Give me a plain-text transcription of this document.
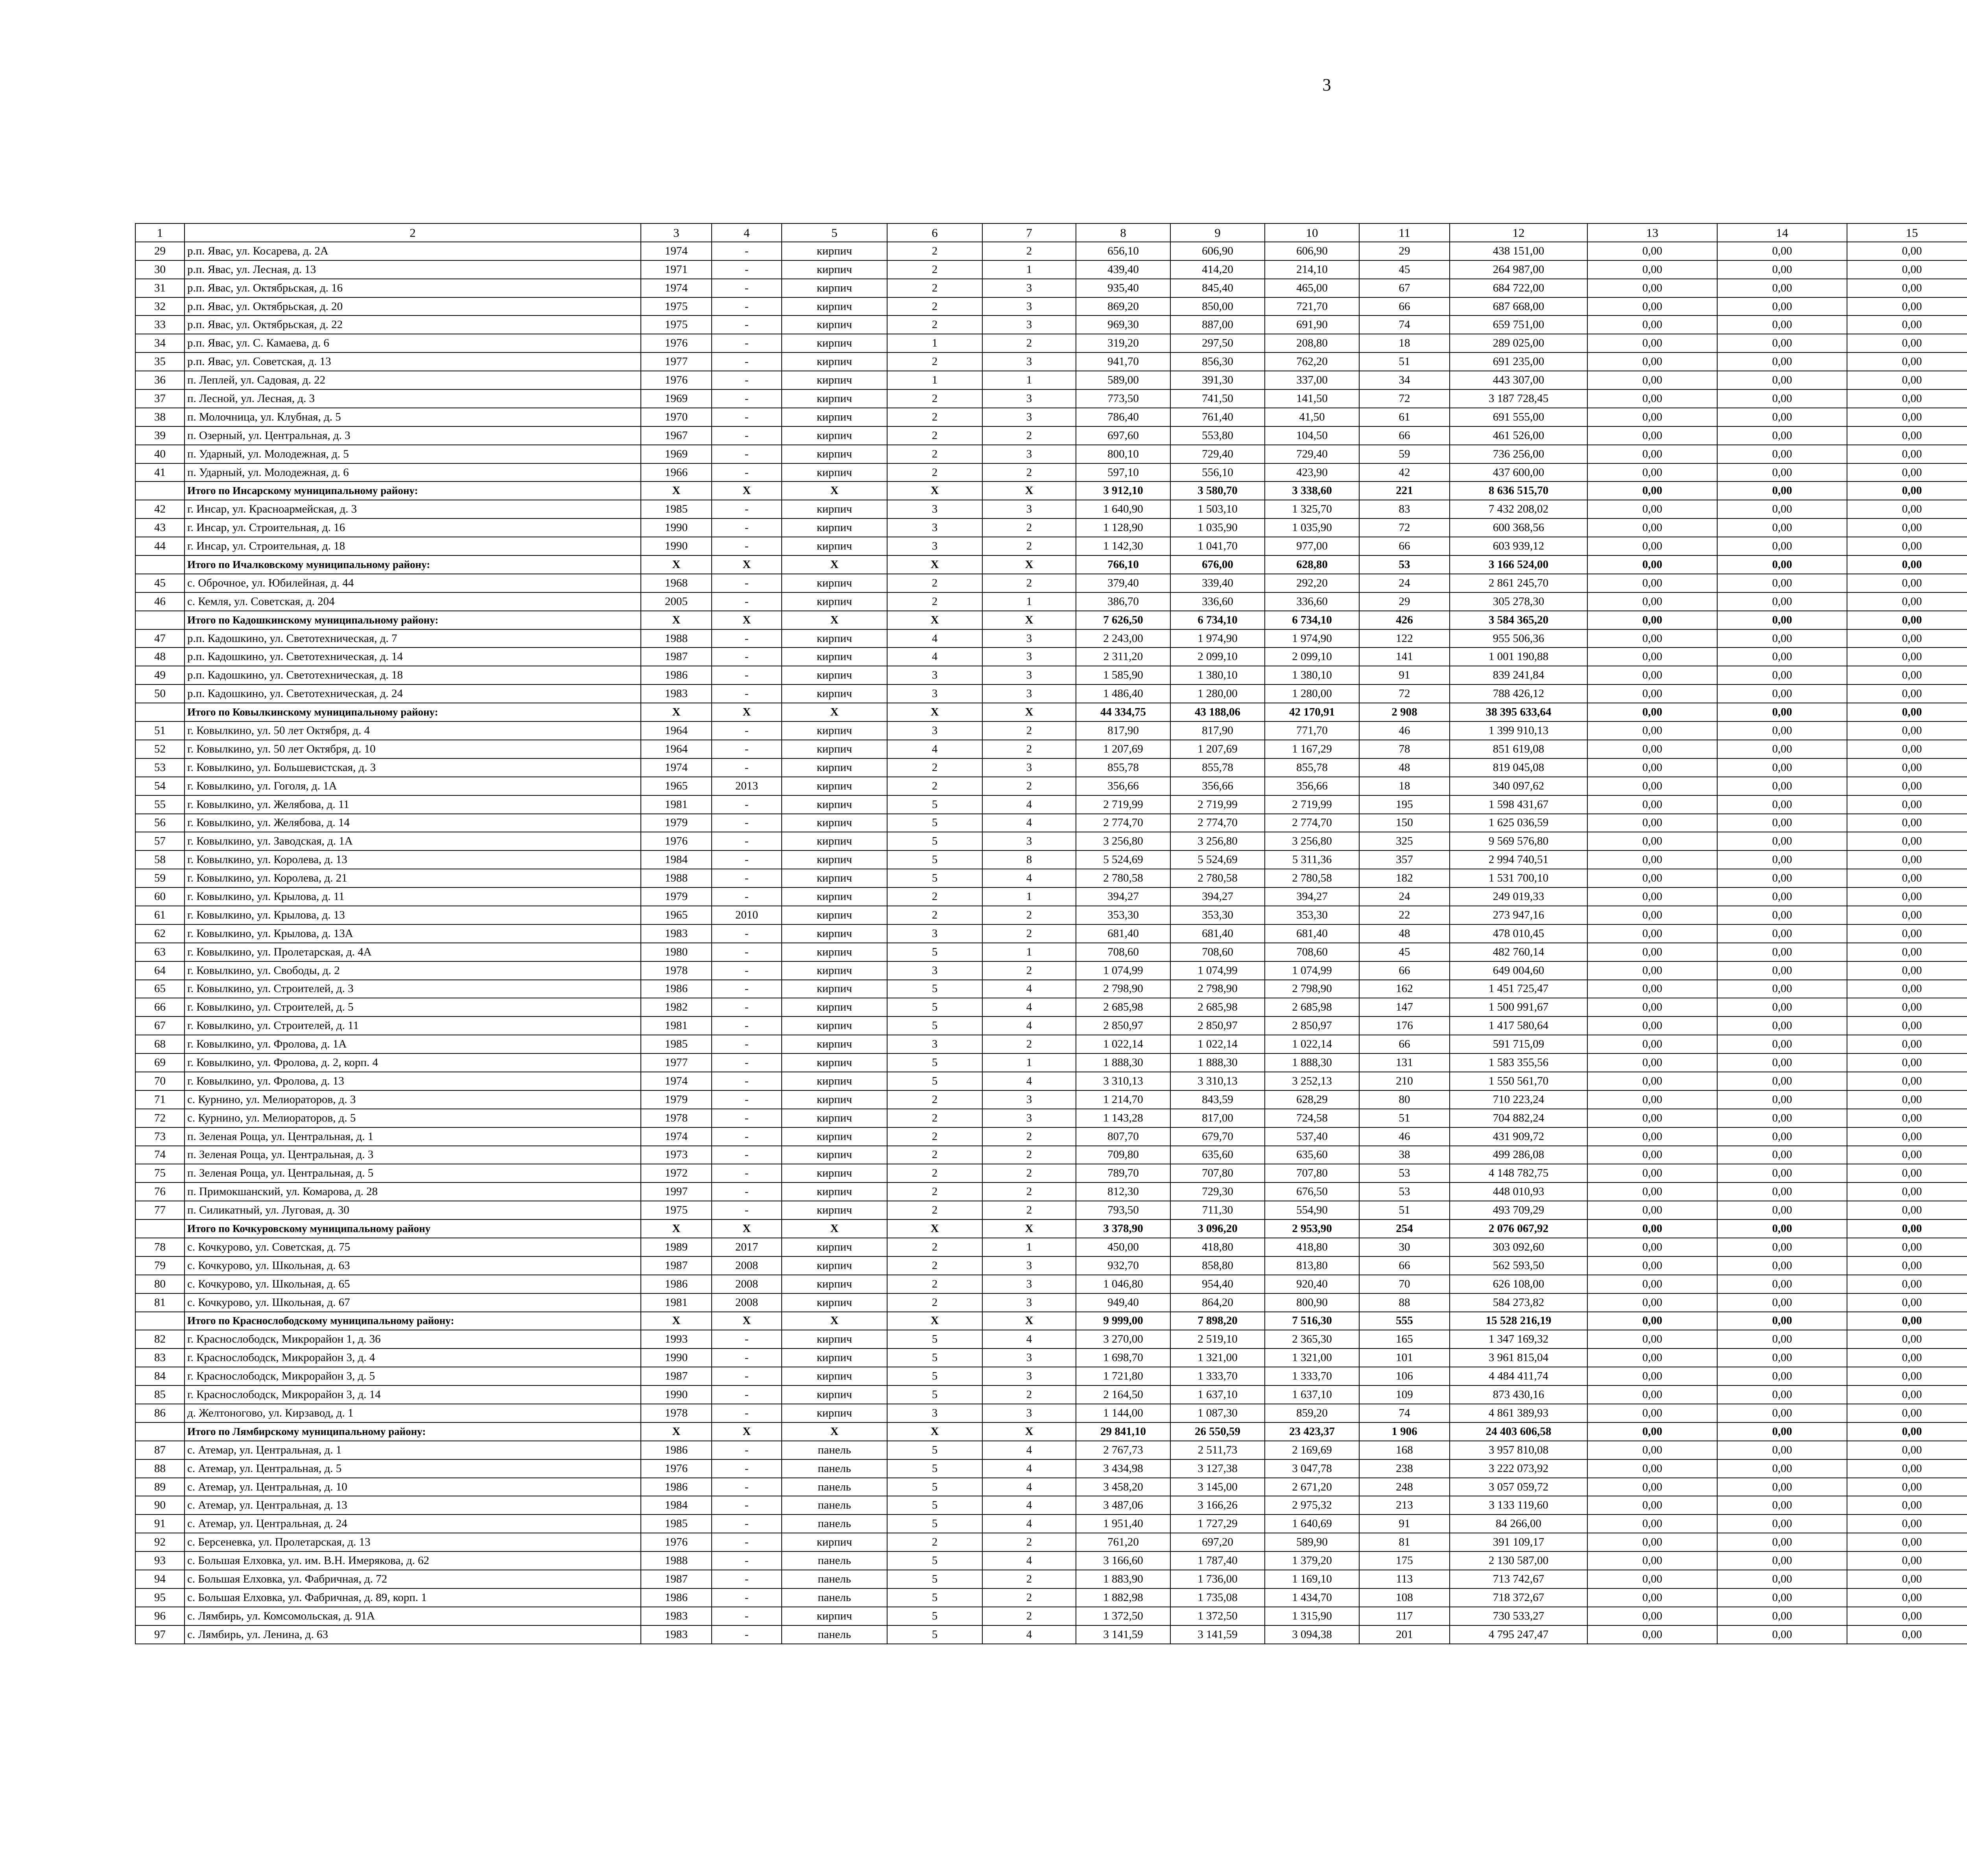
3
1	2	3	4	5	6	7	8	9	10	11	12	13	14	15				
29	р.п. Явас, ул. Косарева, д. 2А	1974	-	кирпич	2	2	656,10	606,90	606,90	29	438 151,00	0,00	0,00	0,00				
30	р.п. Явас, ул. Лесная, д. 13	1971	-	кирпич	2	1	439,40	414,20	214,10	45	264 987,00	0,00	0,00	0,00				
31	р.п. Явас, ул. Октябрьская, д. 16	1974	-	кирпич	2	3	935,40	845,40	465,00	67	684 722,00	0,00	0,00	0,00				
32	р.п. Явас, ул. Октябрьская, д. 20	1975	-	кирпич	2	3	869,20	850,00	721,70	66	687 668,00	0,00	0,00	0,00				
33	р.п. Явас, ул. Октябрьская, д. 22	1975	-	кирпич	2	3	969,30	887,00	691,90	74	659 751,00	0,00	0,00	0,00				
34	р.п. Явас, ул. С. Камаева, д. 6	1976	-	кирпич	1	2	319,20	297,50	208,80	18	289 025,00	0,00	0,00	0,00				
35	р.п. Явас, ул. Советская, д. 13	1977	-	кирпич	2	3	941,70	856,30	762,20	51	691 235,00	0,00	0,00	0,00				
36	п. Леплей, ул. Садовая, д. 22	1976	-	кирпич	1	1	589,00	391,30	337,00	34	443 307,00	0,00	0,00	0,00				
37	п. Лесной, ул. Лесная, д. 3	1969	-	кирпич	2	3	773,50	741,50	141,50	72	3 187 728,45	0,00	0,00	0,00				
38	п. Молочница, ул. Клубная, д. 5	1970	-	кирпич	2	3	786,40	761,40	41,50	61	691 555,00	0,00	0,00	0,00				
39	п. Озерный, ул. Центральная, д. 3	1967	-	кирпич	2	2	697,60	553,80	104,50	66	461 526,00	0,00	0,00	0,00				
40	п. Ударный, ул. Молодежная, д. 5	1969	-	кирпич	2	3	800,10	729,40	729,40	59	736 256,00	0,00	0,00	0,00				
41	п. Ударный, ул. Молодежная, д. 6	1966	-	кирпич	2	2	597,10	556,10	423,90	42	437 600,00	0,00	0,00	0,00				
	Итого по Инсарскому муниципальному району:	X	X	X	X	X	3 912,10	3 580,70	3 338,60	221	8 636 515,70	0,00	0,00	0,00				
42	г. Инсар, ул. Красноармейская, д. 3	1985	-	кирпич	3	3	1 640,90	1 503,10	1 325,70	83	7 432 208,02	0,00	0,00	0,00				
43	г. Инсар, ул. Строительная, д. 16	1990	-	кирпич	3	2	1 128,90	1 035,90	1 035,90	72	600 368,56	0,00	0,00	0,00				
44	г. Инсар, ул. Строительная, д. 18	1990	-	кирпич	3	2	1 142,30	1 041,70	977,00	66	603 939,12	0,00	0,00	0,00				
	Итого по Ичалковскому муниципальному району:	X	X	X	X	X	766,10	676,00	628,80	53	3 166 524,00	0,00	0,00	0,00				
45	с. Оброчное, ул. Юбилейная, д. 44	1968	-	кирпич	2	2	379,40	339,40	292,20	24	2 861 245,70	0,00	0,00	0,00				
46	с. Кемля, ул. Советская, д. 204	2005	-	кирпич	2	1	386,70	336,60	336,60	29	305 278,30	0,00	0,00	0,00				
	Итого по Кадошкинскому муниципальному району:	X	X	X	X	X	7 626,50	6 734,10	6 734,10	426	3 584 365,20	0,00	0,00	0,00				
47	р.п. Кадошкино, ул. Светотехническая, д. 7	1988	-	кирпич	4	3	2 243,00	1 974,90	1 974,90	122	955 506,36	0,00	0,00	0,00				
48	р.п. Кадошкино, ул. Светотехническая, д. 14	1987	-	кирпич	4	3	2 311,20	2 099,10	2 099,10	141	1 001 190,88	0,00	0,00	0,00				
49	р.п. Кадошкино, ул. Светотехническая, д. 18	1986	-	кирпич	3	3	1 585,90	1 380,10	1 380,10	91	839 241,84	0,00	0,00	0,00				
50	р.п. Кадошкино, ул. Светотехническая, д. 24	1983	-	кирпич	3	3	1 486,40	1 280,00	1 280,00	72	788 426,12	0,00	0,00	0,00				
	Итого по Ковылкинскому муниципальному району:	X	X	X	X	X	44 334,75	43 188,06	42 170,91	2 908	38 395 633,64	0,00	0,00	0,00				
51	г. Ковылкино, ул. 50 лет Октября, д. 4	1964	-	кирпич	3	2	817,90	817,90	771,70	46	1 399 910,13	0,00	0,00	0,00				
52	г. Ковылкино, ул. 50 лет Октября, д. 10	1964	-	кирпич	4	2	1 207,69	1 207,69	1 167,29	78	851 619,08	0,00	0,00	0,00				
53	г. Ковылкино, ул. Большевистская, д. 3	1974	-	кирпич	2	3	855,78	855,78	855,78	48	819 045,08	0,00	0,00	0,00				
54	г. Ковылкино, ул. Гоголя, д. 1А	1965	2013	кирпич	2	2	356,66	356,66	356,66	18	340 097,62	0,00	0,00	0,00				
55	г. Ковылкино, ул. Желябова, д. 11	1981	-	кирпич	5	4	2 719,99	2 719,99	2 719,99	195	1 598 431,67	0,00	0,00	0,00				
56	г. Ковылкино, ул. Желябова, д. 14	1979	-	кирпич	5	4	2 774,70	2 774,70	2 774,70	150	1 625 036,59	0,00	0,00	0,00				
57	г. Ковылкино, ул. Заводская, д. 1А	1976	-	кирпич	5	3	3 256,80	3 256,80	3 256,80	325	9 569 576,80	0,00	0,00	0,00				
58	г. Ковылкино, ул. Королева, д. 13	1984	-	кирпич	5	8	5 524,69	5 524,69	5 311,36	357	2 994 740,51	0,00	0,00	0,00				
59	г. Ковылкино, ул. Королева, д. 21	1988	-	кирпич	5	4	2 780,58	2 780,58	2 780,58	182	1 531 700,10	0,00	0,00	0,00				
60	г. Ковылкино, ул. Крылова, д. 11	1979	-	кирпич	2	1	394,27	394,27	394,27	24	249 019,33	0,00	0,00	0,00				
61	г. Ковылкино, ул. Крылова, д. 13	1965	2010	кирпич	2	2	353,30	353,30	353,30	22	273 947,16	0,00	0,00	0,00				
62	г. Ковылкино, ул. Крылова, д. 13А	1983	-	кирпич	3	2	681,40	681,40	681,40	48	478 010,45	0,00	0,00	0,00				
63	г. Ковылкино, ул. Пролетарская, д. 4А	1980	-	кирпич	5	1	708,60	708,60	708,60	45	482 760,14	0,00	0,00	0,00				
64	г. Ковылкино, ул. Свободы, д. 2	1978	-	кирпич	3	2	1 074,99	1 074,99	1 074,99	66	649 004,60	0,00	0,00	0,00				
65	г. Ковылкино, ул. Строителей, д. 3	1986	-	кирпич	5	4	2 798,90	2 798,90	2 798,90	162	1 451 725,47	0,00	0,00	0,00				
66	г. Ковылкино, ул. Строителей, д. 5	1982	-	кирпич	5	4	2 685,98	2 685,98	2 685,98	147	1 500 991,67	0,00	0,00	0,00				
67	г. Ковылкино, ул. Строителей, д. 11	1981	-	кирпич	5	4	2 850,97	2 850,97	2 850,97	176	1 417 580,64	0,00	0,00	0,00				
68	г. Ковылкино, ул. Фролова, д. 1А	1985	-	кирпич	3	2	1 022,14	1 022,14	1 022,14	66	591 715,09	0,00	0,00	0,00				
69	г. Ковылкино, ул. Фролова, д. 2, корп. 4	1977	-	кирпич	5	1	1 888,30	1 888,30	1 888,30	131	1 583 355,56	0,00	0,00	0,00				
70	г. Ковылкино, ул. Фролова, д. 13	1974	-	кирпич	5	4	3 310,13	3 310,13	3 252,13	210	1 550 561,70	0,00	0,00	0,00				
71	с. Курнино, ул. Мелиораторов, д. 3	1979	-	кирпич	2	3	1 214,70	843,59	628,29	80	710 223,24	0,00	0,00	0,00				
72	с. Курнино, ул. Мелиораторов, д. 5	1978	-	кирпич	2	3	1 143,28	817,00	724,58	51	704 882,24	0,00	0,00	0,00				
73	п. Зеленая Роща, ул. Центральная, д. 1	1974	-	кирпич	2	2	807,70	679,70	537,40	46	431 909,72	0,00	0,00	0,00				
74	п. Зеленая Роща, ул. Центральная, д. 3	1973	-	кирпич	2	2	709,80	635,60	635,60	38	499 286,08	0,00	0,00	0,00				
75	п. Зеленая Роща, ул. Центральная, д. 5	1972	-	кирпич	2	2	789,70	707,80	707,80	53	4 148 782,75	0,00	0,00	0,00				
76	п. Примокшанский, ул. Комарова, д. 28	1997	-	кирпич	2	2	812,30	729,30	676,50	53	448 010,93	0,00	0,00	0,00				
77	п. Силикатный, ул. Луговая, д. 30	1975	-	кирпич	2	2	793,50	711,30	554,90	51	493 709,29	0,00	0,00	0,00				
	Итого по Кочкуровскому муниципальному району	X	X	X	X	X	3 378,90	3 096,20	2 953,90	254	2 076 067,92	0,00	0,00	0,00				
78	с. Кочкурово, ул. Советская, д. 75	1989	2017	кирпич	2	1	450,00	418,80	418,80	30	303 092,60	0,00	0,00	0,00				
79	с. Кочкурово, ул. Школьная, д. 63	1987	2008	кирпич	2	3	932,70	858,80	813,80	66	562 593,50	0,00	0,00	0,00				
80	с. Кочкурово, ул. Школьная, д. 65	1986	2008	кирпич	2	3	1 046,80	954,40	920,40	70	626 108,00	0,00	0,00	0,00				
81	с. Кочкурово, ул. Школьная, д. 67	1981	2008	кирпич	2	3	949,40	864,20	800,90	88	584 273,82	0,00	0,00	0,00				
	Итого по Краснослободскому муниципальному району:	X	X	X	X	X	9 999,00	7 898,20	7 516,30	555	15 528 216,19	0,00	0,00	0,00				
82	г. Краснослободск, Микрорайон 1, д. 36	1993	-	кирпич	5	4	3 270,00	2 519,10	2 365,30	165	1 347 169,32	0,00	0,00	0,00				
83	г. Краснослободск, Микрорайон 3, д. 4	1990	-	кирпич	5	3	1 698,70	1 321,00	1 321,00	101	3 961 815,04	0,00	0,00	0,00				
84	г. Краснослободск, Микрорайон 3, д. 5	1987	-	кирпич	5	3	1 721,80	1 333,70	1 333,70	106	4 484 411,74	0,00	0,00	0,00				
85	г. Краснослободск, Микрорайон 3, д. 14	1990	-	кирпич	5	2	2 164,50	1 637,10	1 637,10	109	873 430,16	0,00	0,00	0,00				
86	д. Желтоногово, ул. Кирзавод, д. 1	1978	-	кирпич	3	3	1 144,00	1 087,30	859,20	74	4 861 389,93	0,00	0,00	0,00				
	Итого по Лямбирскому муниципальному району:	X	X	X	X	X	29 841,10	26 550,59	23 423,37	1 906	24 403 606,58	0,00	0,00	0,00				
87	с. Атемар, ул. Центральная, д. 1	1986	-	панель	5	4	2 767,73	2 511,73	2 169,69	168	3 957 810,08	0,00	0,00	0,00				
88	с. Атемар, ул. Центральная, д. 5	1976	-	панель	5	4	3 434,98	3 127,38	3 047,78	238	3 222 073,92	0,00	0,00	0,00				
89	с. Атемар, ул. Центральная, д. 10	1986	-	панель	5	4	3 458,20	3 145,00	2 671,20	248	3 057 059,72	0,00	0,00	0,00				
90	с. Атемар, ул. Центральная, д. 13	1984	-	панель	5	4	3 487,06	3 166,26	2 975,32	213	3 133 119,60	0,00	0,00	0,00				
91	с. Атемар, ул. Центральная, д. 24	1985	-	панель	5	4	1 951,40	1 727,29	1 640,69	91	84 266,00	0,00	0,00	0,00				
92	с. Берсеневка, ул. Пролетарская, д. 13	1976	-	кирпич	2	2	761,20	697,20	589,90	81	391 109,17	0,00	0,00	0,00				
93	с. Большая Елховка, ул. им. В.Н. Имерякова, д. 62	1988	-	панель	5	4	3 166,60	1 787,40	1 379,20	175	2 130 587,00	0,00	0,00	0,00				
94	с. Большая Елховка, ул. Фабричная, д. 72	1987	-	панель	5	2	1 883,90	1 736,00	1 169,10	113	713 742,67	0,00	0,00	0,00				
95	с. Большая Елховка, ул. Фабричная, д. 89, корп. 1	1986	-	панель	5	2	1 882,98	1 735,08	1 434,70	108	718 372,67	0,00	0,00	0,00				
96	с. Лямбирь, ул. Комсомольская, д. 91А	1983	-	кирпич	5	2	1 372,50	1 372,50	1 315,90	117	730 533,27	0,00	0,00	0,00				
97	с. Лямбирь, ул. Ленина, д. 63	1983	-	панель	5	4	3 141,59	3 141,59	3 094,38	201	4 795 247,47	0,00	0,00	0,00				
